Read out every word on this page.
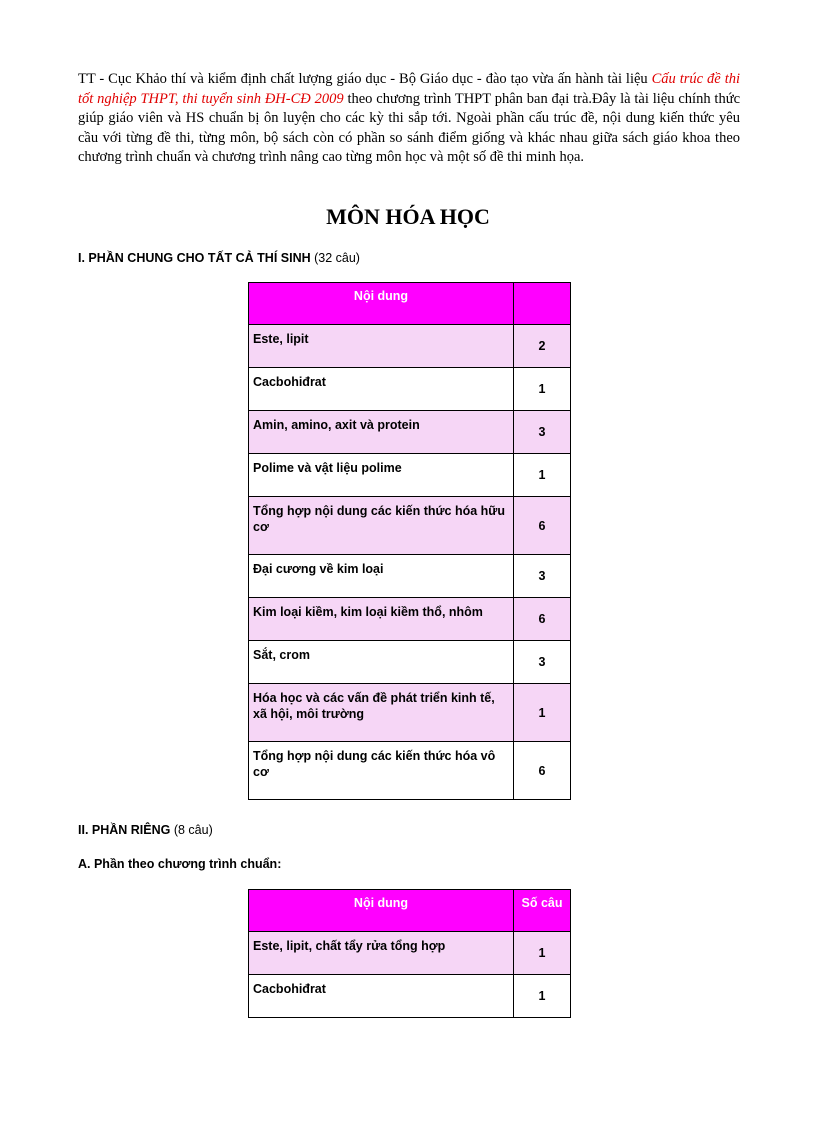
TT - Cục Khảo thí và kiểm định chất lượng giáo dục - Bộ Giáo dục - đào tạo vừa ấn hành tài liệu Cấu trúc đề thi tốt nghiệp THPT, thi tuyển sinh ĐH-CĐ 2009 theo chương trình THPT phân ban đại trà.Đây là tài liệu chính thức giúp giáo viên và HS chuẩn bị ôn luyện cho các kỳ thi sắp tới. Ngoài phần cấu trúc đề, nội dung kiến thức yêu cầu với từng đề thi, từng môn, bộ sách còn có phần so sánh điểm giống và khác nhau giữa sách giáo khoa theo chương trình chuẩn và chương trình nâng cao từng môn học và một số đề thi minh họa.
MÔN HÓA HỌC
I. PHẦN CHUNG CHO TẤT CẢ THÍ SINH (32 câu)
Nội dung	
Este, lipit	2
Cacbohiđrat	1
Amin, amino, axit và protein	3
Polime và vật liệu polime	1
Tổng hợp nội dung các kiến thức hóa hữu cơ	6
Đại cương về kim loại	3
Kim loại kiềm, kim loại kiềm thổ, nhôm	6
Sắt, crom	3
Hóa học và các vấn đề phát triển kinh tế, xã hội, môi trường	1
Tổng hợp nội dung các kiến thức hóa vô cơ	6
II. PHẦN RIÊNG (8 câu)
A. Phần theo chương trình chuẩn:
Nội dung	Số câu
Este, lipit, chất tẩy rửa tổng hợp	1
Cacbohiđrat	1
